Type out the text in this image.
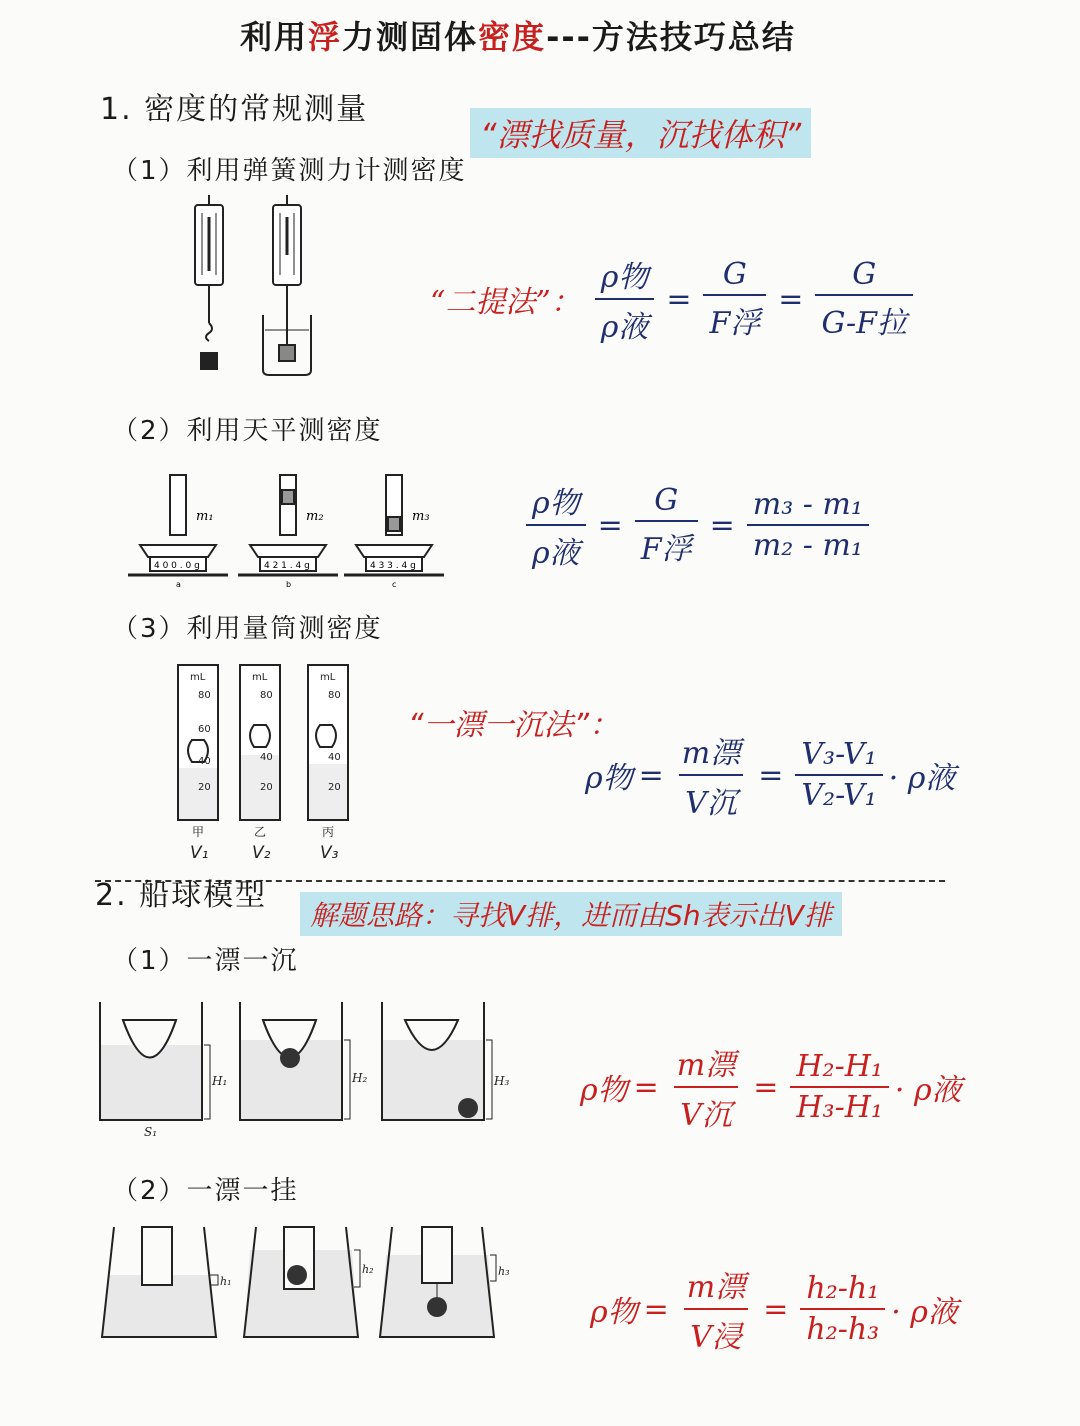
利用浮力测固体密度---方法技巧总结
1. 密度的常规测量
“漂找质量，沉找体积”
（1）利用弹簧测力计测密度
“二提法”： $\frac{\text{ρ物}}{\text{ρ液}} = \frac{G}{\text{F浮}} = \frac{G}{\text{G-F拉}}$
（2）利用天平测密度
m₁	m₂	m₃
4 0 0 . 0 g	4 2 1 . 4 g	4 3 3 . 4 g
a	b	c
$\frac{\text{ρ物}}{\text{ρ液}} = \frac{G}{\text{F浮}} = \frac{\text{m₃ - m₁}}{\text{m₂ - m₁}}$
（3）利用量筒测密度
mL	mL	mL
80
60
40
20
80
40
20
80
40
20
甲	乙	丙
V₁	V₂	V₃
“一漂一沉法”：
ρ物 = $\frac{\text{m漂}}{\text{V沉}} = \frac{\text{V₃-V₁}}{\text{V₂-V₁}} \cdot \rho$液
2. 船球模型
解题思路：寻找V排，进而由Sh表示出V排
（1）一漂一沉
H₁	H₂	H₃
S₁
ρ物 = $\frac{\text{m漂}}{\text{V沉}} = \frac{\text{H₂-H₁}}{\text{H₃-H₁}} \cdot \rho$液
（2）一漂一挂
h₁
h₂	h₃
ρ物 = $\frac{\text{m漂}}{\text{V浸}} = \frac{\text{h₂-h₁}}{\text{h₂-h₃}} \cdot \rho$液
